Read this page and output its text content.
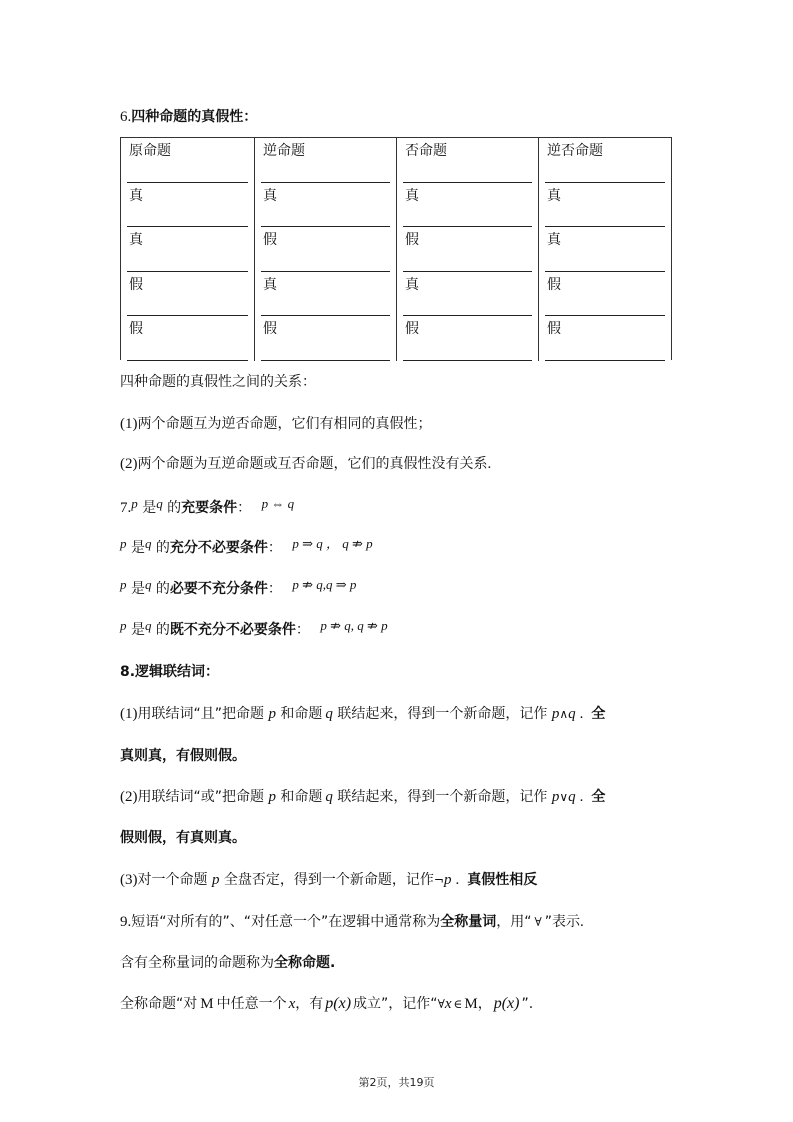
6.四种命题的真假性：
原命题	逆命题	否命题	逆否命题
真	真	真	真
真	假	假	真
假	真	真	假
假	假	假	假
四种命题的真假性之间的关系：
(1)两个命题互为逆否命题，它们有相同的真假性；
(2)两个命题为互逆命题或互否命题，它们的真假性没有关系.
7.p 是q 的充要条件： p ⇔ q
p 是q 的充分不必要条件： p ⇒ q ， q ⇏ p
p 是q 的必要不充分条件： p ⇏ q,q ⇒ p
p 是q 的既不充分不必要条件： p ⇏ q, q ⇏ p
8.逻辑联结词：
(1)用联结词“且”把命题 p 和命题 q 联结起来，得到一个新命题，记作 p∧q . 全
真则真，有假则假。
(2)用联结词“或”把命题 p 和命题 q 联结起来，得到一个新命题，记作 p∨q . 全
假则假，有真则真。
(3)对一个命题 p 全盘否定，得到一个新命题，记作¬p . 真假性相反
9.短语“对所有的”、“对任意一个”在逻辑中通常称为全称量词，用“ ∀ ”表示.
含有全称量词的命题称为全称命题.
全称命题“对 M 中任意一个 x，有 p(x) 成立”，记作“∀x ∈ M， p(x) ”.
第2页，共19页
